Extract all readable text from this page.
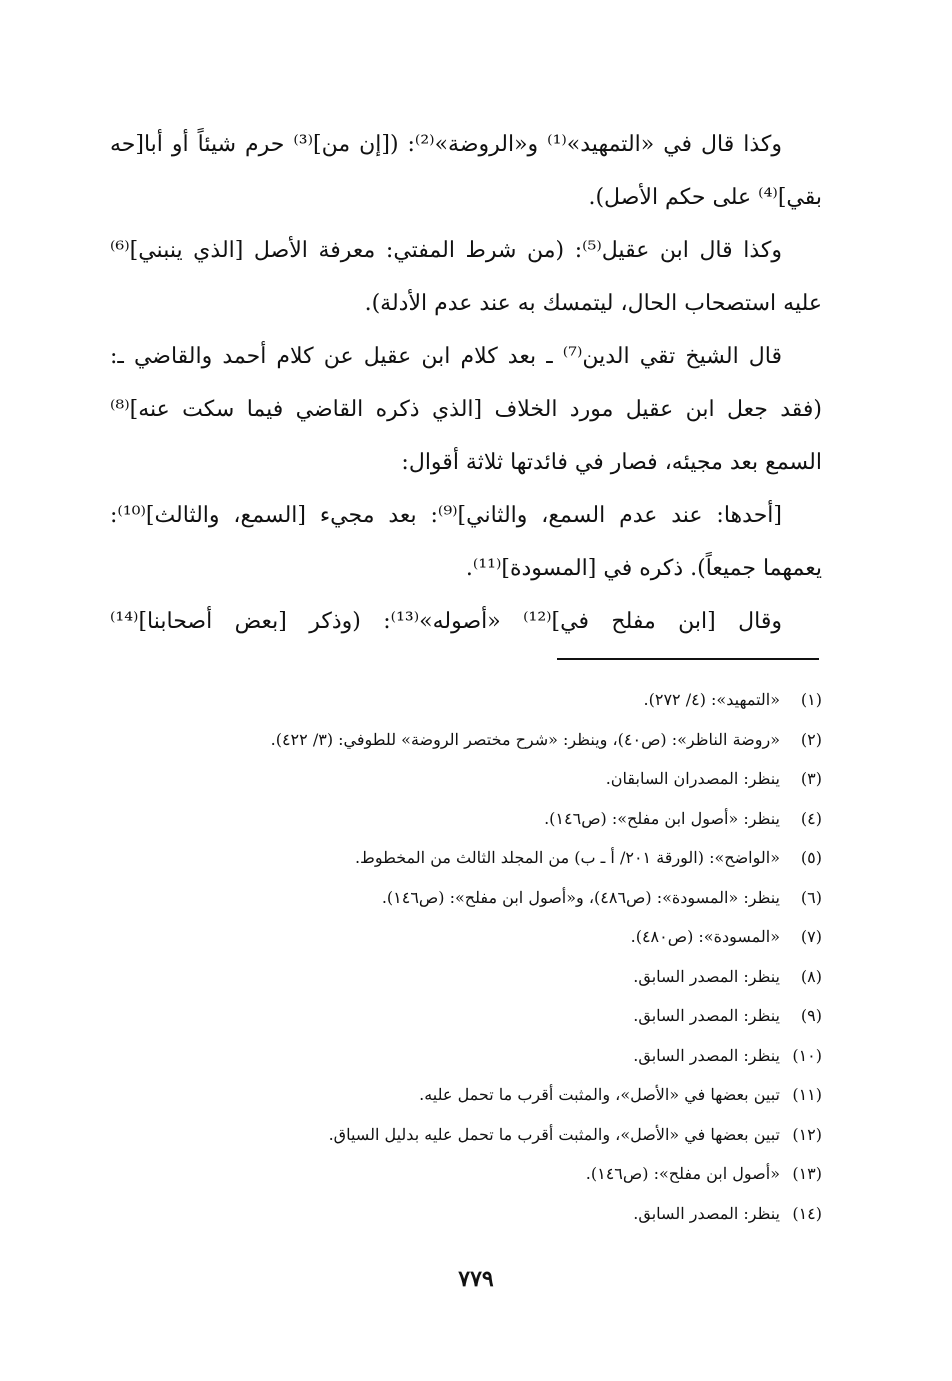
وكذا قال في «التمهيد»⁽¹⁾ و«الروضة»⁽²⁾: ([إن من]⁽³⁾ حرم شيئاً أو أبا[حه بقي]⁽⁴⁾ على حكم الأصل).

وكذا قال ابن عقيل⁽⁵⁾: (من شرط المفتي: معرفة الأصل [الذي ينبني]⁽⁶⁾ عليه استصحاب الحال، ليتمسك به عند عدم الأدلة).

قال الشيخ تقي الدين⁽⁷⁾ ـ بعد كلام ابن عقيل عن كلام أحمد والقاضي ـ: (فقد جعل ابن عقيل مورد الخلاف [الذي ذكره القاضي فيما سكت عنه]⁽⁸⁾ السمع بعد مجيئه، فصار في فائدتها ثلاثة أقوال:

[أحدها: عند عدم السمع، والثاني]⁽⁹⁾: بعد مجيء [السمع، والثالث]⁽¹⁰⁾: يعمهما جميعاً). ذكره في [المسودة]⁽¹¹⁾.

وقال [ابن مفلح في]⁽¹²⁾ «أصوله»⁽¹³⁾: (وذكر [بعض أصحابنا]⁽¹⁴⁾

(١)«التمهيد»: (٤/ ٢٧٢).
(٢)«روضة الناظر»: (ص٤٠)، وينظر: «شرح مختصر الروضة» للطوفي: (٣/ ٤٢٢).
(٣)ينظر: المصدران السابقان.
(٤)ينظر: «أصول ابن مفلح»: (ص١٤٦).
(٥)«الواضح»: (الورقة ٢٠١/ أ ـ ب) من المجلد الثالث من المخطوط.
(٦)ينظر: «المسودة»: (ص٤٨٦)، و«أصول ابن مفلح»: (ص١٤٦).
(٧)«المسودة»: (ص٤٨٠).
(٨)ينظر: المصدر السابق.
(٩)ينظر: المصدر السابق.
(١٠)ينظر: المصدر السابق.
(١١)تبين بعضها في «الأصل»، والمثبت أقرب ما تحمل عليه.
(١٢)تبين بعضها في «الأصل»، والمثبت أقرب ما تحمل عليه بدليل السياق.
(١٣)«أصول ابن مفلح»: (ص١٤٦).
(١٤)ينظر: المصدر السابق.
٧٧٩
